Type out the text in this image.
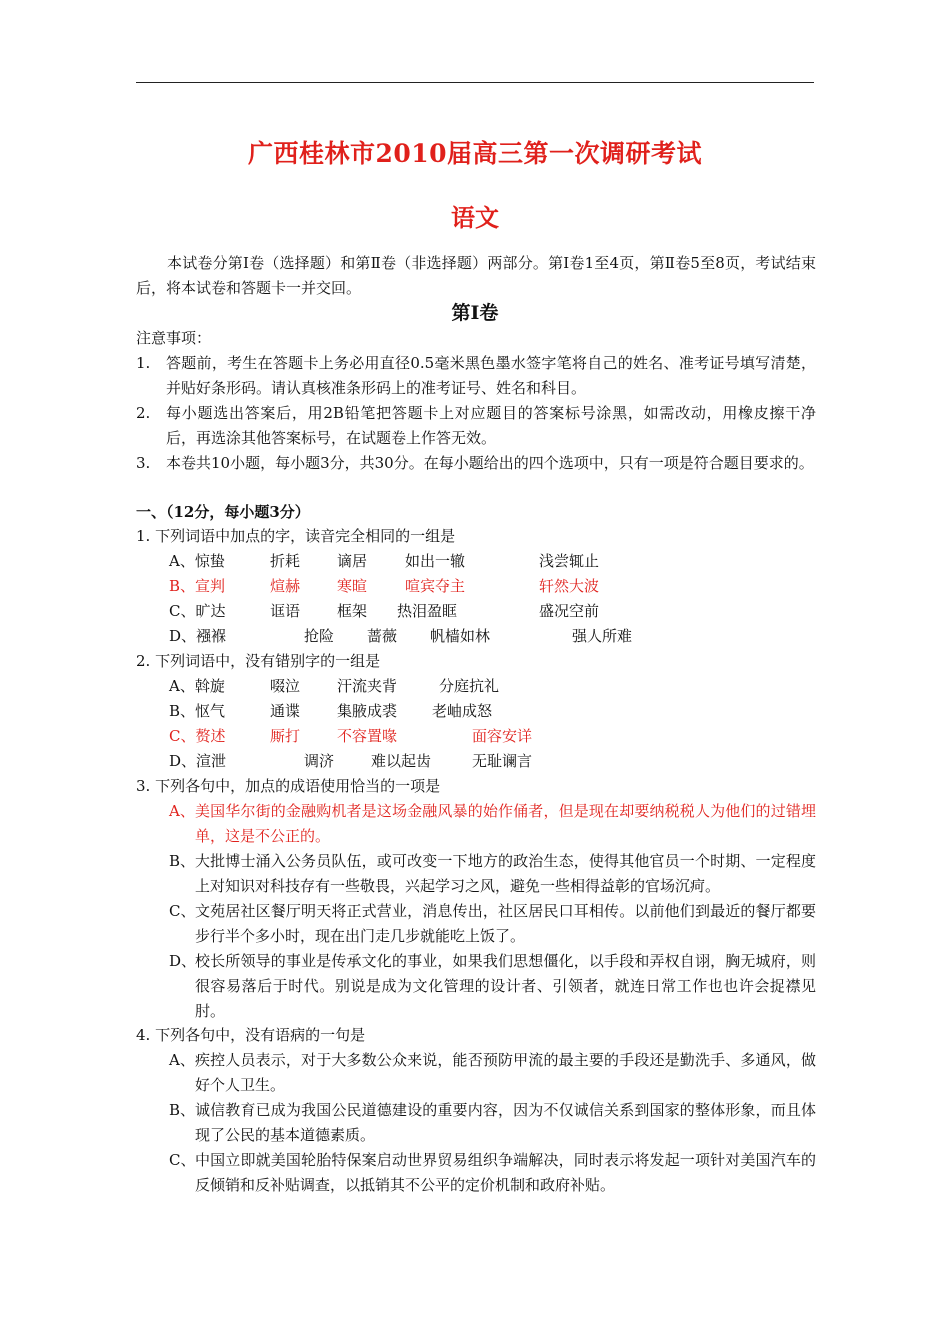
广西桂林市2010届高三第一次调研考试
语文
本试卷分第Ⅰ卷（选择题）和第Ⅱ卷（非选择题）两部分。第Ⅰ卷1至4页，第Ⅱ卷5至8页，考试结束后，将本试卷和答题卡一并交回。
第Ⅰ卷
注意事项：
1. 答题前，考生在答题卡上务必用直径0.5毫米黑色墨水签字笔将自己的姓名、准考证号填写清楚，并贴好条形码。请认真核准条形码上的准考证号、姓名和科目。
2. 每小题选出答案后，用2B铅笔把答题卡上对应题目的答案标号涂黑，如需改动，用橡皮擦干净后，再选涂其他答案标号，在试题卷上作答无效。
3. 本卷共10小题，每小题3分，共30分。在每小题给出的四个选项中，只有一项是符合题目要求的。
一、（12分，每小题3分）
1. 下列词语中加点的字，读音完全相同的一组是
A、惊蛰	折耗 谪居	如出一辙	浅尝辄止
B、宣判	煊赫 寒暄	喧宾夺主	轩然大波
C、旷达	诓语 框架 热泪盈眶	盛况空前
D、襁褓	抢险 蔷薇 帆樯如林	强人所难
2. 下列词语中，没有错别字的一组是
A、斡旋	啜泣 汗流夹背	分庭抗礼
B、怄气	通谍 集腋成裘 老岫成怒
C、赘述	厮打 不容置喙	面容安详
D、渲泄	调济 难以起齿	无耻谰言
3. 下列各句中，加点的成语使用恰当的一项是
A、 美国华尔街的金融购机者是这场金融风暴的始作俑者，但是现在却要纳税税人为他们的过错埋单，这是不公正的。
B、 大批博士涌入公务员队伍，或可改变一下地方的政治生态，使得其他官员一个时期、一定程度上对知识对科技存有一些敬畏，兴起学习之风，避免一些相得益彰的官场沉疴。
C、 文苑居社区餐厅明天将正式营业，消息传出，社区居民口耳相传。以前他们到最近的餐厅都要步行半个多小时，现在出门走几步就能吃上饭了。
D、
校长所领导的事业是传承文化的事业，如果我们思想僵化，以手段和弄权自诩，胸无城府，则很容易落后于时代。别说是成为文化管理的设计者、引领者，就连日常工作也也许会捉襟见肘。
4. 下列各句中，没有语病的一句是
A、 疾控人员表示，对于大多数公众来说，能否预防甲流的最主要的手段还是勤洗手、多通风，做好个人卫生。
B、 诚信教育已成为我国公民道德建设的重要内容，因为不仅诚信关系到国家的整体形象，而且体现了公民的基本道德素质。
C、 中国立即就美国轮胎特保案启动世界贸易组织争端解决，同时表示将发起一项针对美国汽车的反倾销和反补贴调查，以抵销其不公平的定价机制和政府补贴。
